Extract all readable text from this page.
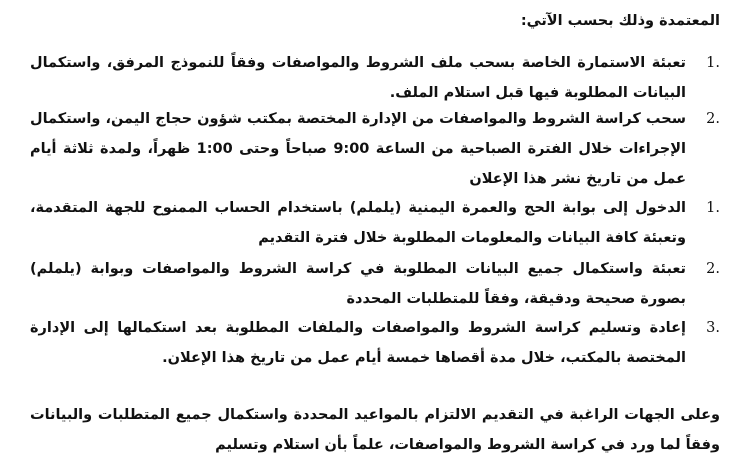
المعتمدة وذلك بحسب الآتي:
1.
تعبئة الاستمارة الخاصة بسحب ملف الشروط والمواصفات وفقاً للنموذج المرفق، واستكمال البيانات المطلوبة فيها قبل استلام الملف.
2.
سحب كراسة الشروط والمواصفات من الإدارة المختصة بمكتب شؤون حجاج اليمن، واستكمال الإجراءات خلال الفترة الصباحية من الساعة 9:00 صباحاً وحتى 1:00 ظهراً، ولمدة ثلاثة أيام عمل من تاريخ نشر هذا الإعلان
1.
الدخول إلى بوابة الحج والعمرة اليمنية (يلملم) باستخدام الحساب الممنوح للجهة المتقدمة، وتعبئة كافة البيانات والمعلومات المطلوبة خلال فترة التقديم
2.
تعبئة واستكمال جميع البيانات المطلوبة في كراسة الشروط والمواصفات وبوابة (يلملم) بصورة صحيحة ودقيقة، وفقاً للمتطلبات المحددة
3.
إعادة وتسليم كراسة الشروط والمواصفات والملفات المطلوبة بعد استكمالها إلى الإدارة المختصة بالمكتب، خلال مدة أقصاها خمسة أيام عمل من تاريخ هذا الإعلان.
وعلى الجهات الراغبة في التقديم الالتزام بالمواعيد المحددة واستكمال جميع المتطلبات والبيانات وفقاً لما ورد في كراسة الشروط والمواصفات، علماً بأن استلام وتسليم
